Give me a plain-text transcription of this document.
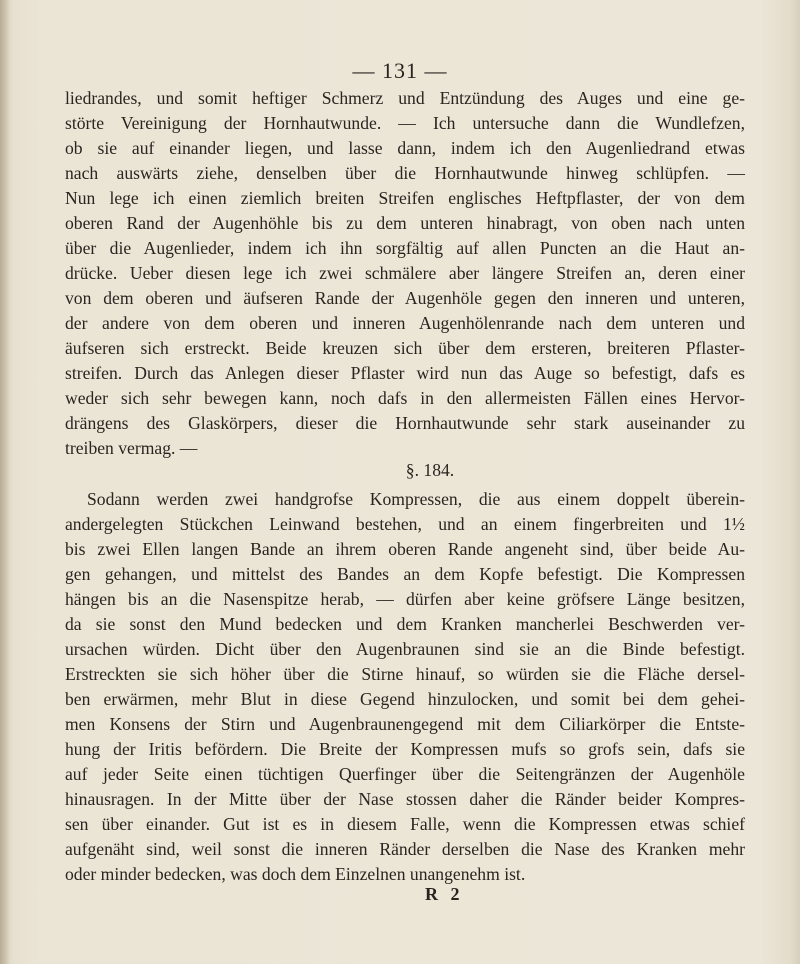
— 131 —
liedrandes, und somit heftiger Schmerz und Entzündung des Auges und eine ge-
störte Vereinigung der Hornhautwunde. — Ich untersuche dann die Wundlefzen,
ob sie auf einander liegen, und lasse dann, indem ich den Augenliedrand etwas
nach auswärts ziehe, denselben über die Hornhautwunde hinweg schlüpfen. —
Nun lege ich einen ziemlich breiten Streifen englisches Heftpflaster, der von dem
oberen Rand der Augenhöhle bis zu dem unteren hinabragt, von oben nach unten
über die Augenlieder, indem ich ihn sorgfältig auf allen Puncten an die Haut an-
drücke. Ueber diesen lege ich zwei schmälere aber längere Streifen an, deren einer
von dem oberen und äufseren Rande der Augenhöle gegen den inneren und unteren,
der andere von dem oberen und inneren Augenhölenrande nach dem unteren und
äufseren sich erstreckt. Beide kreuzen sich über dem ersteren, breiteren Pflaster-
streifen. Durch das Anlegen dieser Pflaster wird nun das Auge so befestigt, dafs es
weder sich sehr bewegen kann, noch dafs in den allermeisten Fällen eines Hervor-
drängens des Glaskörpers, dieser die Hornhautwunde sehr stark auseinander zu
treiben vermag. —
§. 184.
Sodann werden zwei handgrofse Kompressen, die aus einem doppelt überein-
andergelegten Stückchen Leinwand bestehen, und an einem fingerbreiten und 1½
bis zwei Ellen langen Bande an ihrem oberen Rande angeneht sind, über beide Au-
gen gehangen, und mittelst des Bandes an dem Kopfe befestigt. Die Kompressen
hängen bis an die Nasenspitze herab, — dürfen aber keine gröfsere Länge besitzen,
da sie sonst den Mund bedecken und dem Kranken mancherlei Beschwerden ver-
ursachen würden. Dicht über den Augenbraunen sind sie an die Binde befestigt.
Erstreckten sie sich höher über die Stirne hinauf, so würden sie die Fläche dersel-
ben erwärmen, mehr Blut in diese Gegend hinzulocken, und somit bei dem gehei-
men Konsens der Stirn und Augenbraunengegend mit dem Ciliarkörper die Entste-
hung der Iritis befördern. Die Breite der Kompressen mufs so grofs sein, dafs sie
auf jeder Seite einen tüchtigen Querfinger über die Seitengränzen der Augenhöle
hinausragen. In der Mitte über der Nase stossen daher die Ränder beider Kompres-
sen über einander. Gut ist es in diesem Falle, wenn die Kompressen etwas schief
aufgenäht sind, weil sonst die inneren Ränder derselben die Nase des Kranken mehr
oder minder bedecken, was doch dem Einzelnen unangenehm ist.
R 2
